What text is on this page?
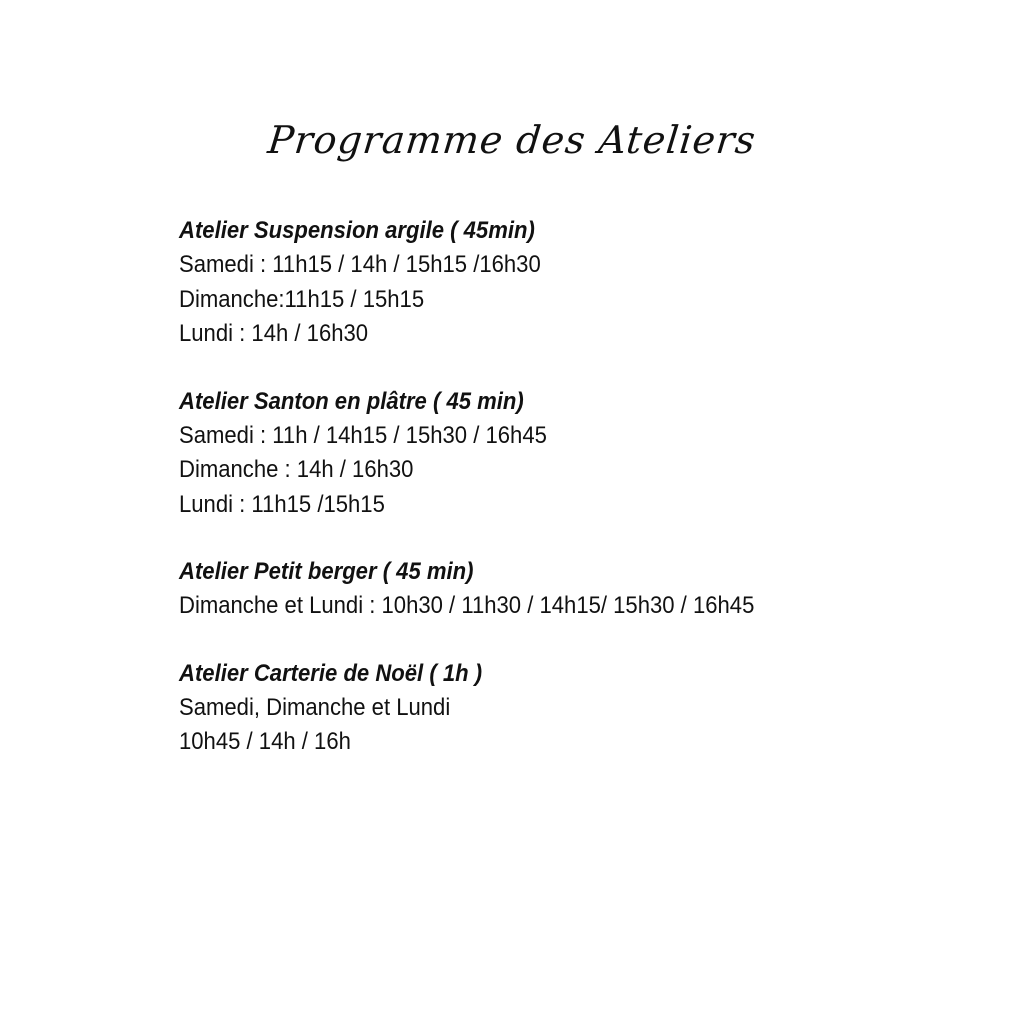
Programme des Ateliers
Atelier Suspension argile ( 45min)
Samedi : 11h15 / 14h / 15h15 /16h30
Dimanche:11h15 / 15h15
Lundi : 14h / 16h30
Atelier Santon en plâtre ( 45 min)
Samedi : 11h / 14h15 / 15h30 / 16h45
Dimanche : 14h / 16h30
Lundi : 11h15 /15h15
Atelier Petit berger ( 45 min)
Dimanche et Lundi : 10h30 / 11h30 / 14h15/ 15h30 / 16h45
Atelier Carterie de Noël ( 1h )
Samedi, Dimanche et Lundi
10h45 / 14h / 16h
